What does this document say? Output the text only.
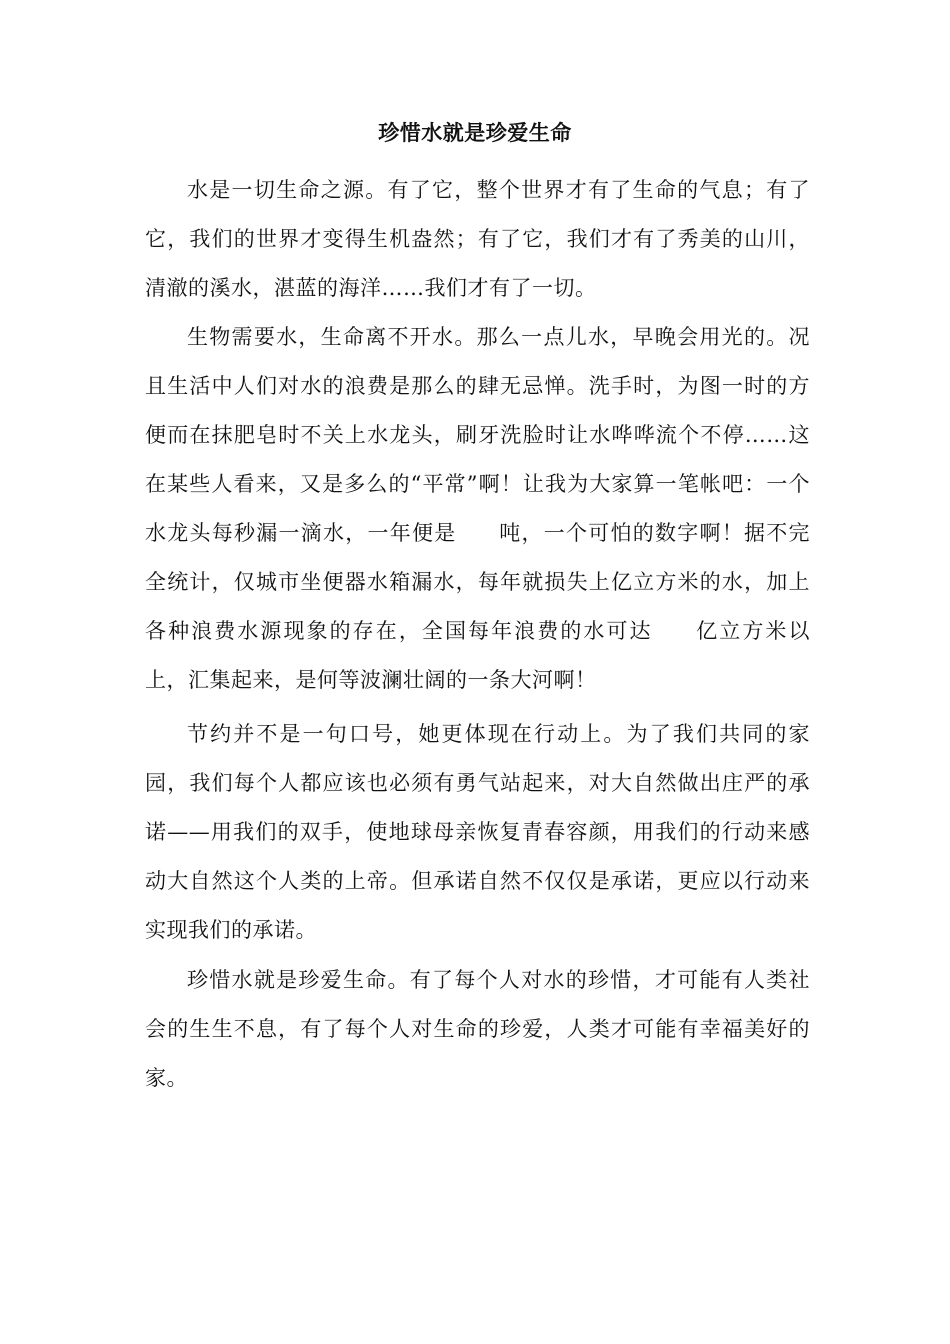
珍惜水就是珍爱生命

水是一切生命之源。有了它，整个世界才有了生命的气息；有了它，我们的世界才变得生机盎然；有了它，我们才有了秀美的山川，清澈的溪水，湛蓝的海洋……我们才有了一切。

生物需要水，生命离不开水。那么一点儿水，早晚会用光的。况且生活中人们对水的浪费是那么的肆无忌惮。洗手时，为图一时的方便而在抹肥皂时不关上水龙头，刷牙洗脸时让水哗哗流个不停……这在某些人看来，又是多么的“平常”啊！让我为大家算一笔帐吧：一个水龙头每秒漏一滴水，一年便是 吨，一个可怕的数字啊！据不完全统计，仅城市坐便器水箱漏水，每年就损失上亿立方米的水，加上各种浪费水源现象的存在，全国每年浪费的水可达 亿立方米以上，汇集起来，是何等波澜壮阔的一条大河啊！

节约并不是一句口号，她更体现在行动上。为了我们共同的家园，我们每个人都应该也必须有勇气站起来，对大自然做出庄严的承诺——用我们的双手，使地球母亲恢复青春容颜，用我们的行动来感动大自然这个人类的上帝。但承诺自然不仅仅是承诺，更应以行动来实现我们的承诺。

珍惜水就是珍爱生命。有了每个人对水的珍惜，才可能有人类社会的生生不息，有了每个人对生命的珍爱，人类才可能有幸福美好的家。
